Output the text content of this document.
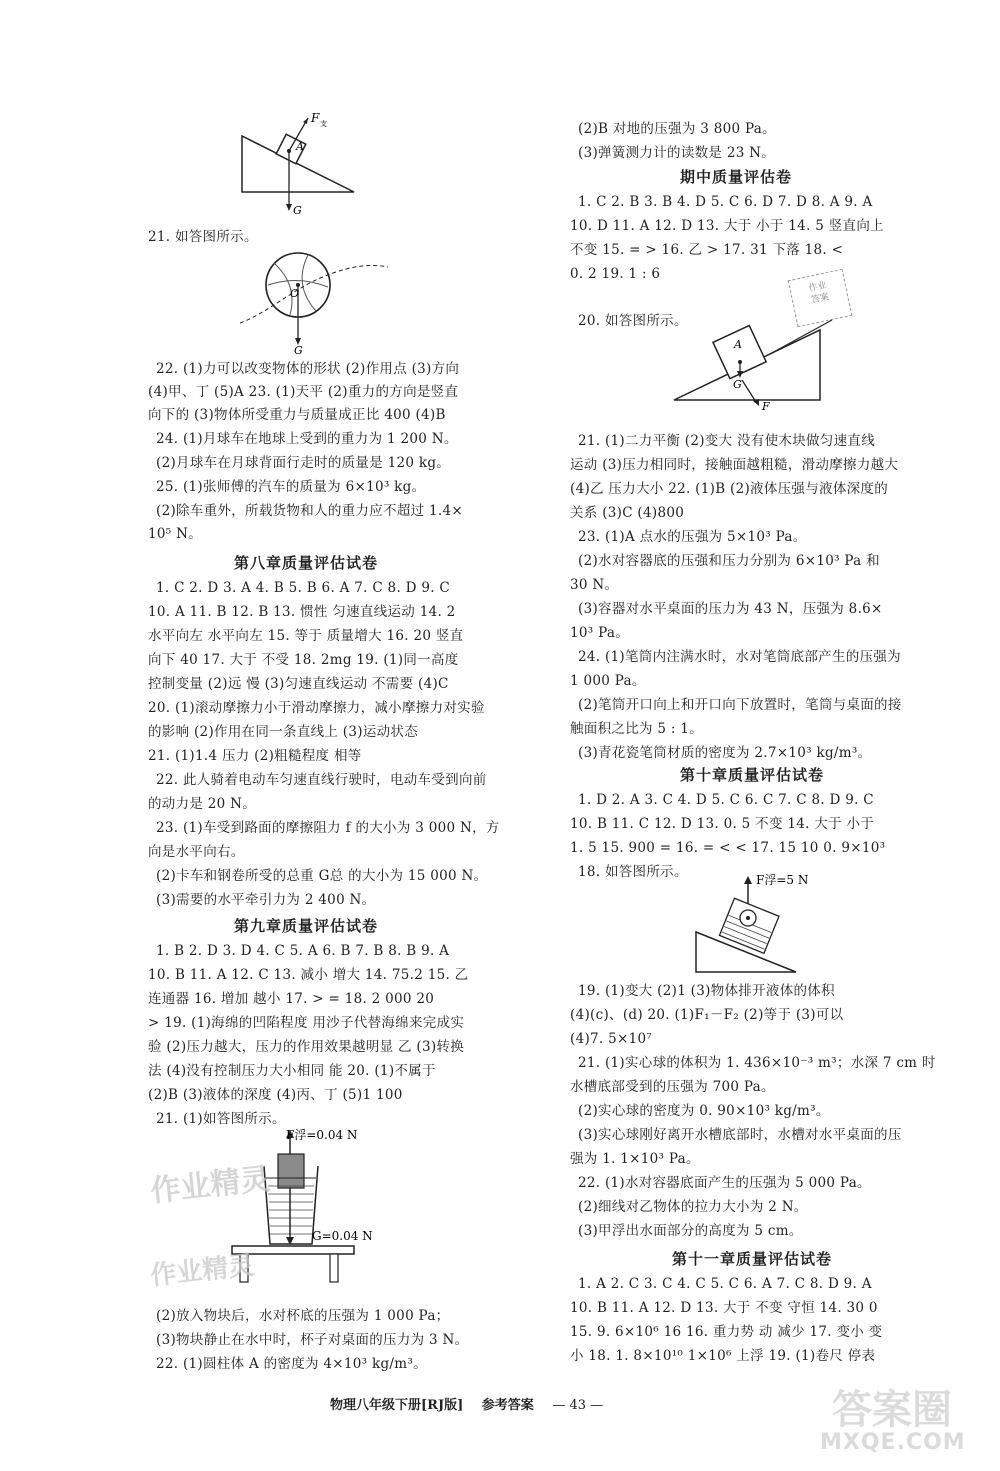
F 支
A
G
21. 如答图所示。
O
G
22. (1)力可以改变物体的形状 (2)作用点 (3)方向
(4)甲、丁 (5)A 23. (1)天平 (2)重力的方向是竖直
向下的 (3)物体所受重力与质量成正比 400 (4)B
24. (1)月球车在地球上受到的重力为 1 200 N。
(2)月球车在月球背面行走时的质量是 120 kg。
25. (1)张师傅的汽车的质量为 6×10³ kg。
(2)除车重外，所载货物和人的重力应不超过 1.4×
10⁵ N。
第八章质量评估试卷
1. C 2. D 3. A 4. B 5. B 6. A 7. C 8. D 9. C
10. A 11. B 12. B 13. 惯性 匀速直线运动 14. 2
水平向左 水平向左 15. 等于 质量增大 16. 20 竖直
向下 40 17. 大于 不受 18. 2mg 19. (1)同一高度
控制变量 (2)远 慢 (3)匀速直线运动 不需要 (4)C
20. (1)滚动摩擦力小于滑动摩擦力，减小摩擦力对实验
的影响 (2)作用在同一条直线上 (3)运动状态
21. (1)1.4 压力 (2)粗糙程度 相等
22. 此人骑着电动车匀速直线行驶时，电动车受到向前
的动力是 20 N。
23. (1)车受到路面的摩擦阻力 f 的大小为 3 000 N，方
向是水平向右。
(2)卡车和钢卷所受的总重 G总 的大小为 15 000 N。
(3)需要的水平牵引力为 2 400 N。
第九章质量评估试卷
1. B 2. D 3. D 4. C 5. A 6. B 7. B 8. B 9. A
10. B 11. A 12. C 13. 减小 增大 14. 75.2 15. 乙
连通器 16. 增加 越小 17. > = 18. 2 000 20
> 19. (1)海绵的凹陷程度 用沙子代替海绵来完成实
验 (2)压力越大，压力的作用效果越明显 乙 (3)转换
法 (4)没有控制压力大小相同 能 20. (1)不属于
(2)B (3)液体的深度 (4)丙、丁 (5)1 100
21. (1)如答图所示。
F浮=0.04 N
G=0.04 N
(2)放入物块后，水对杯底的压强为 1 000 Pa；
(3)物块静止在水中时，杯子对桌面的压力为 3 N。
22. (1)圆柱体 A 的密度为 4×10³ kg/m³。
(2)B 对地的压强为 3 800 Pa。
(3)弹簧测力计的读数是 23 N。
期中质量评估卷
1. C 2. B 3. B 4. D 5. C 6. D 7. D 8. A 9. A
10. D 11. A 12. D 13. 大于 小于 14. 5 竖直向上
不变 15. = > 16. 乙 > 17. 31 下落 18. <
0. 2 19. 1 : 6
20. 如答图所示。
作业
答案
A
G
F
21. (1)二力平衡 (2)变大 没有使木块做匀速直线
运动 (3)压力相同时，接触面越粗糙，滑动摩擦力越大
(4)乙 压力大小 22. (1)B (2)液体压强与液体深度的
关系 (3)C (4)800
23. (1)A 点水的压强为 5×10³ Pa。
(2)水对容器底的压强和压力分别为 6×10³ Pa 和
30 N。
(3)容器对水平桌面的压力为 43 N，压强为 8.6×
10³ Pa。
24. (1)笔筒内注满水时，水对笔筒底部产生的压强为
1 000 Pa。
(2)笔筒开口向上和开口向下放置时，笔筒与桌面的接
触面积之比为 5 : 1。
(3)青花瓷笔筒材质的密度为 2.7×10³ kg/m³。
第十章质量评估试卷
1. D 2. A 3. C 4. D 5. C 6. C 7. C 8. D 9. C
10. B 11. C 12. D 13. 0. 5 不变 14. 大于 小于
1. 5 15. 900 = 16. = < < 17. 15 10 0. 9×10³
18. 如答图所示。	F浮=5 N
19. (1)变大 (2)1 (3)物体排开液体的体积
(4)(c)、(d) 20. (1)F₁－F₂ (2)等于 (3)可以
(4)7. 5×10⁷
21. (1)实心球的体积为 1. 436×10⁻³ m³；水深 7 cm 时
水槽底部受到的压强为 700 Pa。
(2)实心球的密度为 0. 90×10³ kg/m³。
(3)实心球刚好离开水槽底部时，水槽对水平桌面的压
强为 1. 1×10³ Pa。
22. (1)水对容器底面产生的压强为 5 000 Pa。
(2)细线对乙物体的拉力大小为 2 N。
(3)甲浮出水面部分的高度为 5 cm。
第十一章质量评估试卷
1. A 2. C 3. C 4. C 5. C 6. A 7. C 8. D 9. A
10. B 11. A 12. D 13. 大于 不变 守恒 14. 30 0
15. 9. 6×10⁶ 16 16. 重力势 动 减少 17. 变小 变
小 18. 1. 8×10¹⁰ 1×10⁶ 上浮 19. (1)卷尺 停表
作业精灵
作业精灵
答案圈
MXQE.COM
物理八年级下册[RJ版] 参考答案 — 43 —
